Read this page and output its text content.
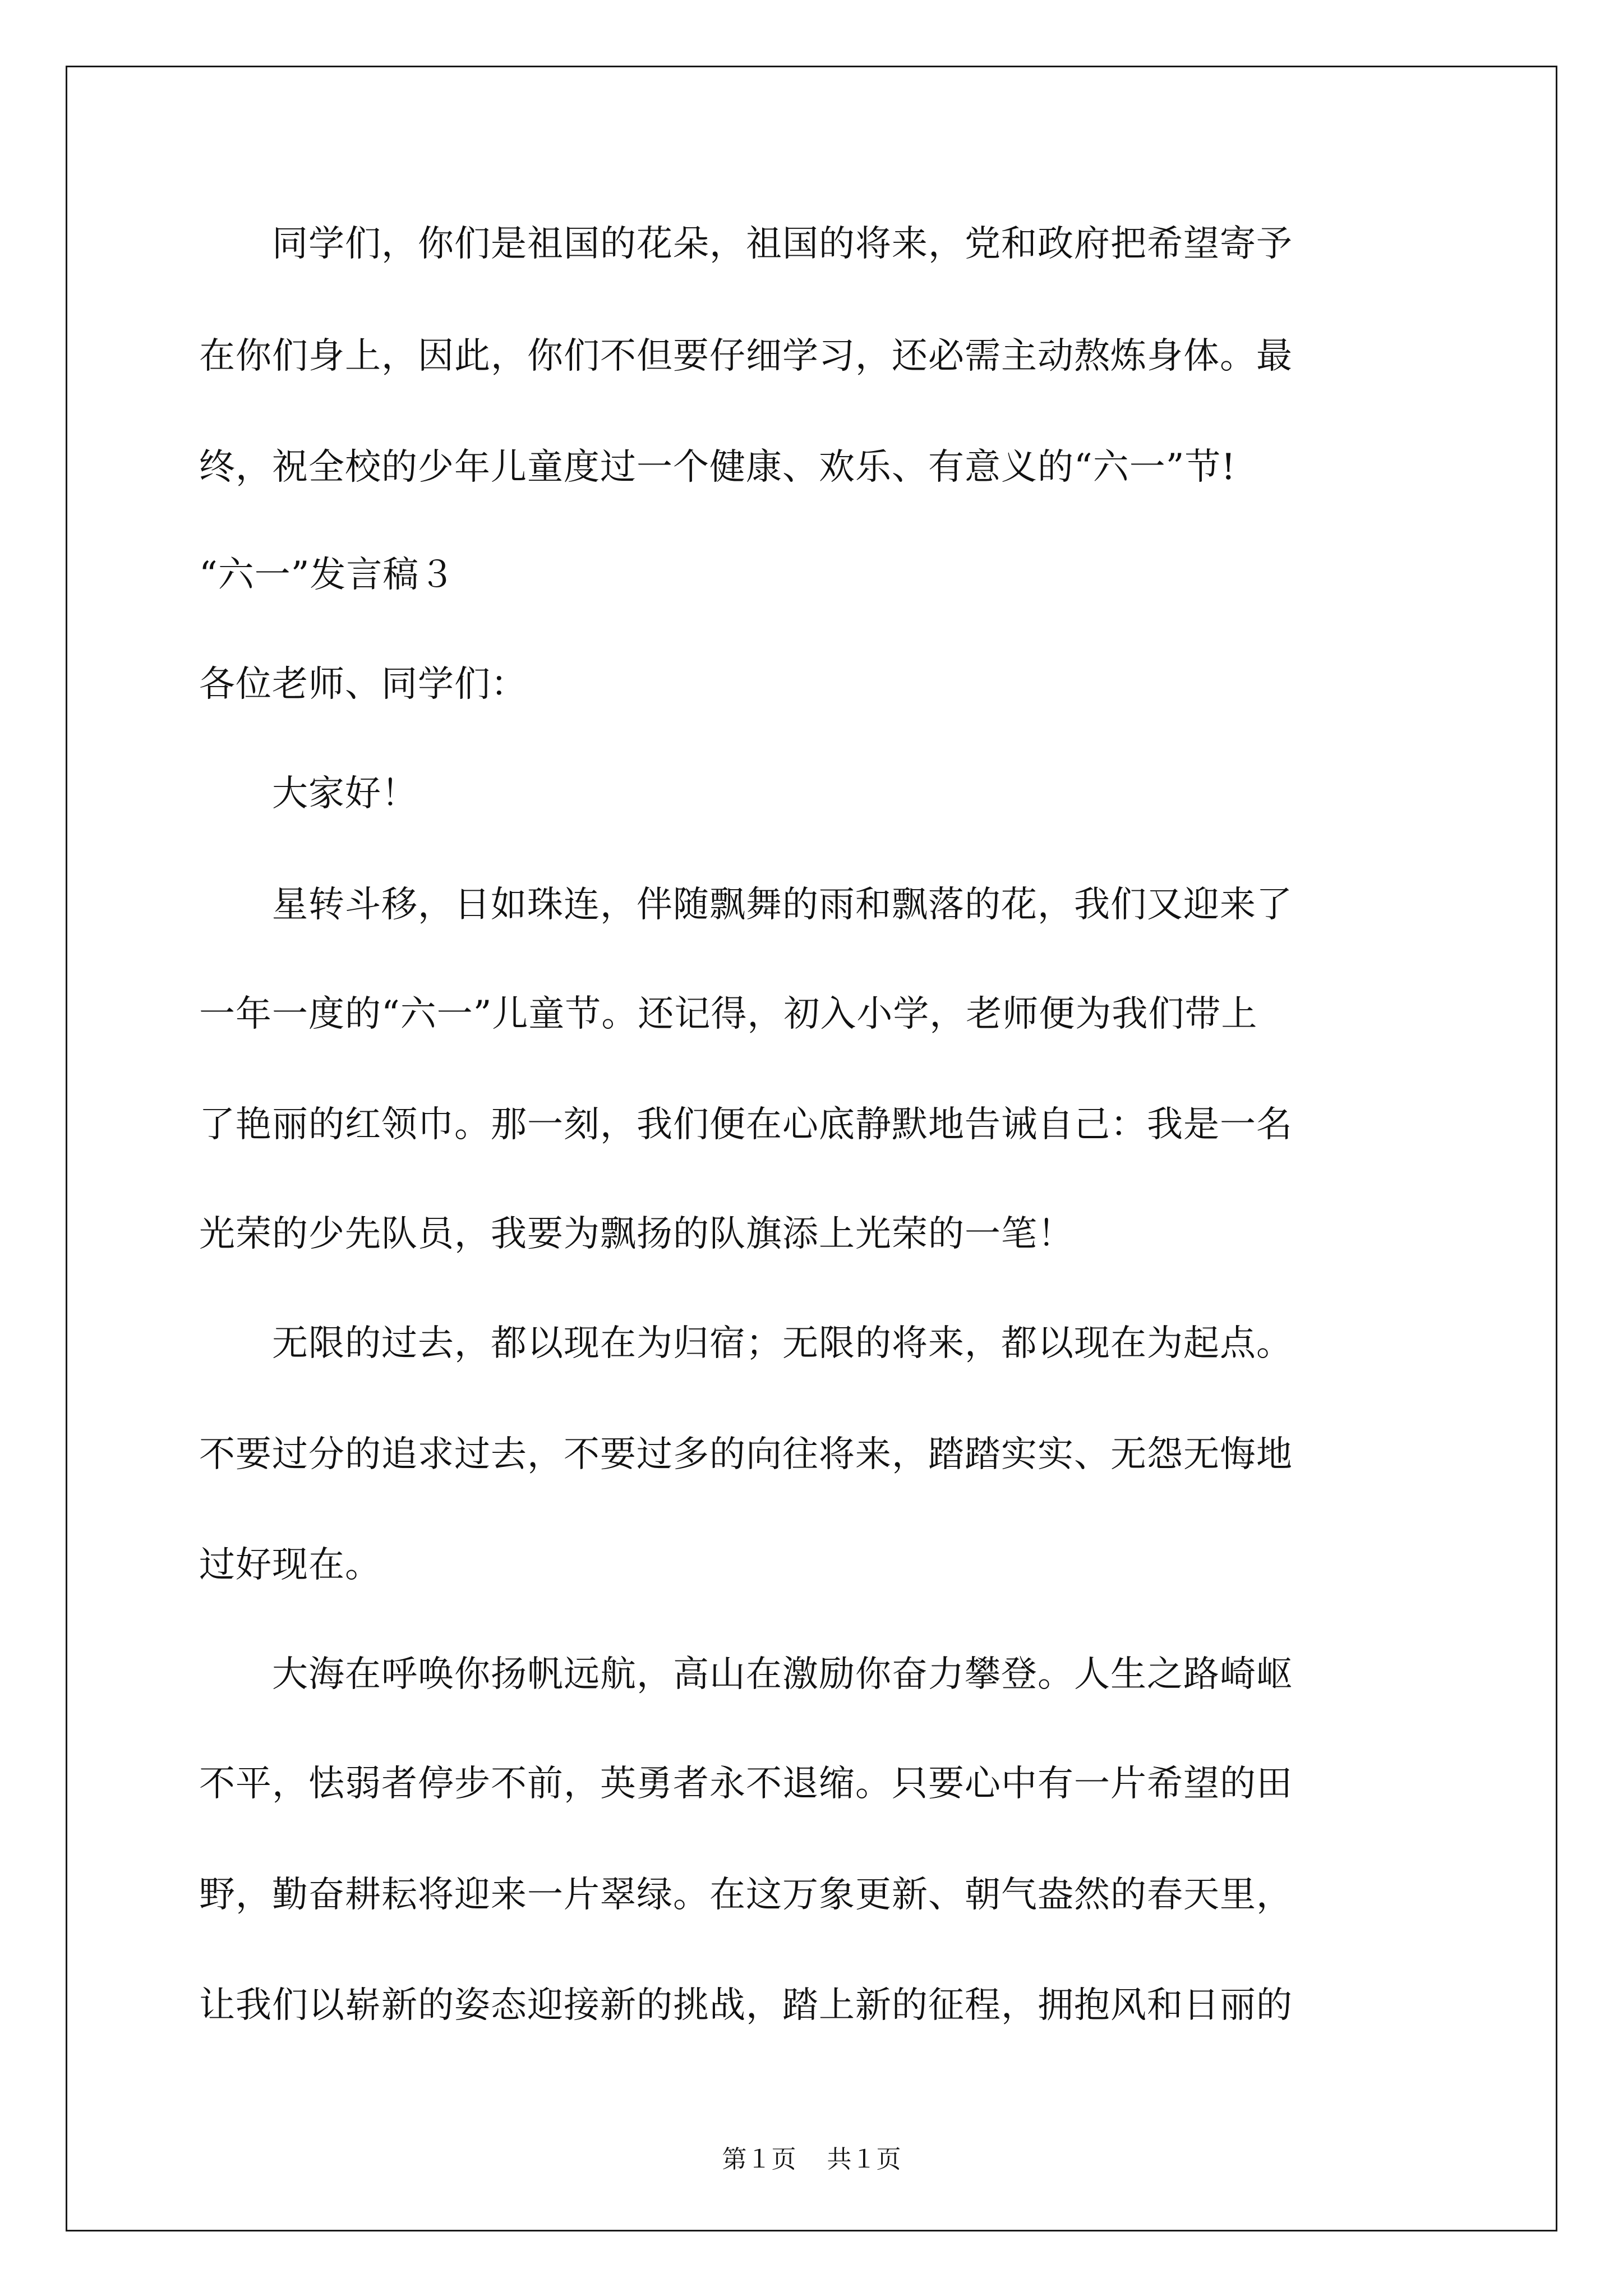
　　同学们，你们是祖国的花朵，祖国的将来，党和政府把希望寄予
在你们身上，因此，你们不但要仔细学习，还必需主动熬炼身体。最
终，祝全校的少年儿童度过一个健康、欢乐、有意义的“六一”节!
“六一”发言稿３
各位老师、同学们：
　　大家好！
　　星转斗移，日如珠连，伴随飘舞的雨和飘落的花，我们又迎来了
一年一度的“六一”儿童节。还记得，初入小学，老师便为我们带上
了艳丽的红领巾。那一刻，我们便在心底静默地告诫自己：我是一名
光荣的少先队员，我要为飘扬的队旗添上光荣的一笔！
　　无限的过去，都以现在为归宿；无限的将来，都以现在为起点。
不要过分的追求过去，不要过多的向往将来，踏踏实实、无怨无悔地
过好现在。
　　大海在呼唤你扬帆远航，高山在激励你奋力攀登。人生之路崎岖
不平，怯弱者停步不前，英勇者永不退缩。只要心中有一片希望的田
野，勤奋耕耘将迎来一片翠绿。在这万象更新、朝气盎然的春天里，
让我们以崭新的姿态迎接新的挑战，踏上新的征程，拥抱风和日丽的
第１页 共１页
